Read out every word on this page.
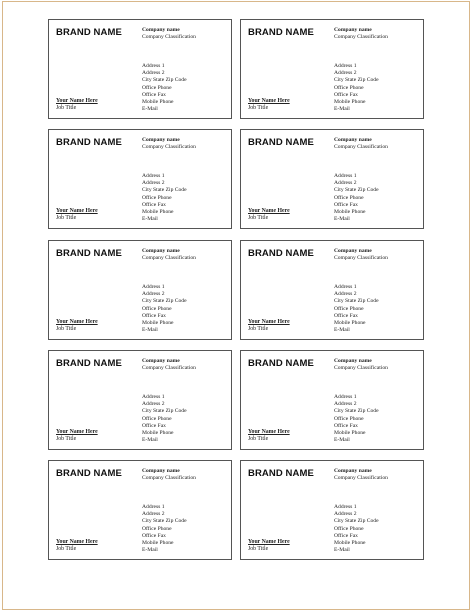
BRAND NAME	Company name
Company Classification
Address 1
Address 2
City State Zip Code
Office Phone
Office Fax
Mobile Phone
E-Mail
Your Name Here
Job Title
BRAND NAME	Company name
Company Classification
Address 1
Address 2
City State Zip Code
Office Phone
Office Fax
Mobile Phone
E-Mail
Your Name Here
Job Title
BRAND NAME	Company name
Company Classification
Address 1
Address 2
City State Zip Code
Office Phone
Office Fax
Mobile Phone
E-Mail
Your Name Here
Job Title
BRAND NAME	Company name
Company Classification
Address 1
Address 2
City State Zip Code
Office Phone
Office Fax
Mobile Phone
E-Mail
Your Name Here
Job Title
BRAND NAME	Company name
Company Classification
Address 1
Address 2
City State Zip Code
Office Phone
Office Fax
Mobile Phone
E-Mail
Your Name Here
Job Title
BRAND NAME	Company name
Company Classification
Address 1
Address 2
City State Zip Code
Office Phone
Office Fax
Mobile Phone
E-Mail
Your Name Here
Job Title
BRAND NAME	Company name
Company Classification
Address 1
Address 2
City State Zip Code
Office Phone
Office Fax
Mobile Phone
E-Mail
Your Name Here
Job Title
BRAND NAME	Company name
Company Classification
Address 1
Address 2
City State Zip Code
Office Phone
Office Fax
Mobile Phone
E-Mail
Your Name Here
Job Title
BRAND NAME	Company name
Company Classification
Address 1
Address 2
City State Zip Code
Office Phone
Office Fax
Mobile Phone
E-Mail
Your Name Here
Job Title
BRAND NAME	Company name
Company Classification
Address 1
Address 2
City State Zip Code
Office Phone
Office Fax
Mobile Phone
E-Mail
Your Name Here
Job Title
